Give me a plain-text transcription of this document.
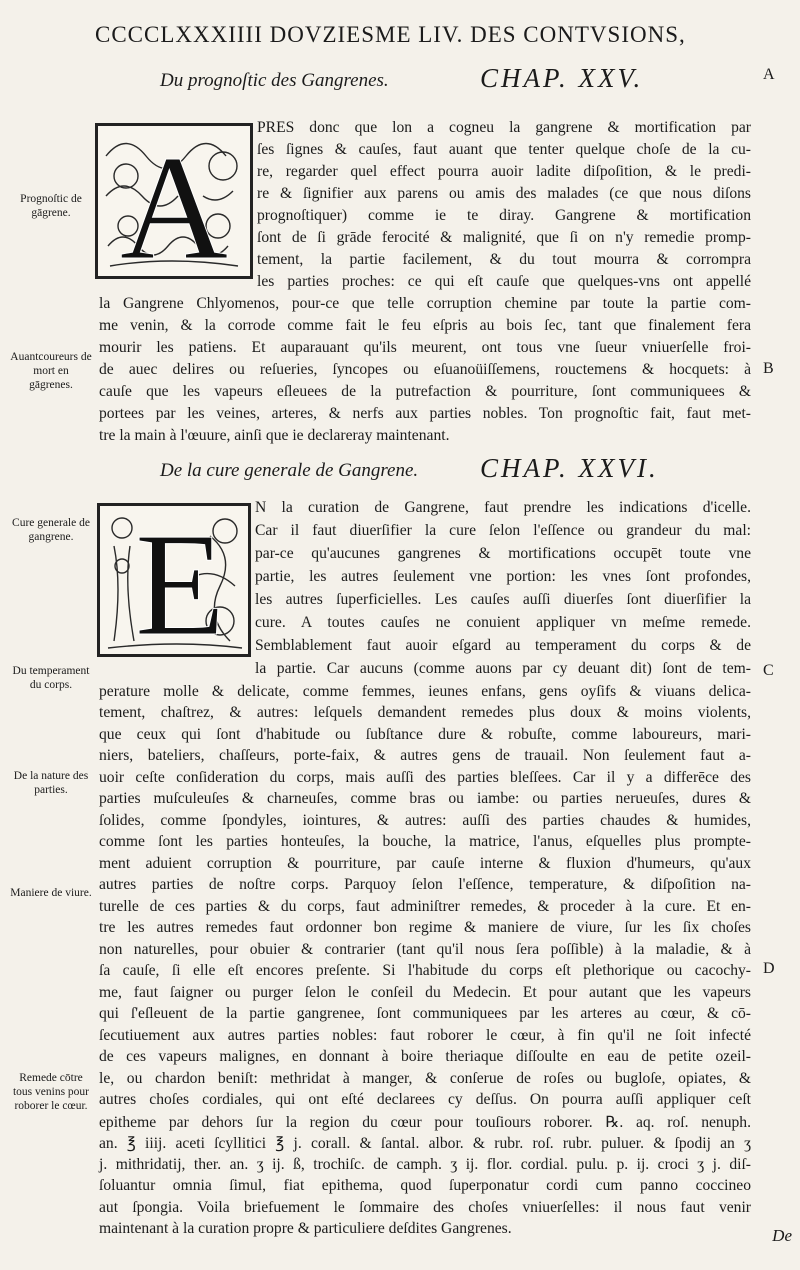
CCCCLXXXIIII DOVZIESME LIV. DES CONTVSIONS,
Du prognoſtic des Gangrenes.	CHAP. XXV.	A
B
C
D
Prognoſtic de gāgrene.
Auantcoureurs de mort en gāgrenes.
Cure generale de gangrene.
Du temperament du corps.
De la nature des parties.
Maniere de viure.
Remede cōtre tous venins pour roborer le cœur.
A PRES donc que lon a cogneu la gangrene & mortification par
ſes ſignes & cauſes, faut auant que tenter quelque choſe de la cu-
re, regarder quel effect pourra auoir ladite diſpoſition, & le predi-
re & ſignifier aux parens ou amis des malades (ce que nous diſons
prognoſtiquer) comme ie te diray. Gangrene & mortification
ſont de ſi grāde ferocité & malignité, que ſi on n'y remedie promp-
tement, la partie facilement, & du tout mourra & corrompra
les parties proches: ce qui eſt cauſe que quelques-vns ont appellé
la Gangrene Chlyomenos, pour-ce que telle corruption chemine par toute la partie com-
me venin, & la corrode comme fait le feu eſpris au bois ſec, tant que finalement fera
mourir les patiens. Et auparauant qu'ils meurent, ont tous vne ſueur vniuerſelle froi-
de auec delires ou reſueries, ſyncopes ou eſuanoüiſſemens, rouctemens & hocquets: à
cauſe que les vapeurs eſleuees de la putrefaction & pourriture, ſont communiquees &
portees par les veines, arteres, & nerfs aux parties nobles. Ton prognoſtic fait, faut met-
tre la main à l'œuure, ainſi que ie declareray maintenant.
De la cure generale de Gangrene. CHAP. XXVI.
E N la curation de Gangrene, faut prendre les indications d'icelle.
Car il faut diuerſifier la cure ſelon l'eſſence ou grandeur du mal:
par-ce qu'aucunes gangrenes & mortifications occupēt toute vne
partie, les autres ſeulement vne portion: les vnes ſont profondes,
les autres ſuperficielles. Les cauſes auſſi diuerſes ſont diuerſifier la
cure. A toutes cauſes ne conuient appliquer vn meſme remede.
Semblablement faut auoir eſgard au temperament du corps & de
la partie. Car aucuns (comme auons par cy deuant dit) ſont de tem-
perature molle & delicate, comme femmes, ieunes enfans, gens oyſifs & viuans delica-
tement, chaſtrez, & autres: leſquels demandent remedes plus doux & moins violents,
que ceux qui ſont d'habitude ou ſubſtance dure & robuſte, comme laboureurs, mari-
niers, bateliers, chaſſeurs, porte-faix, & autres gens de trauail. Non ſeulement faut a-
uoir ceſte conſideration du corps, mais auſſi des parties bleſſees. Car il y a differēce des
parties muſculeuſes & charneuſes, comme bras ou iambe: ou parties nerueuſes, dures &
ſolides, comme ſpondyles, iointures, & autres: auſſi des parties chaudes & humides,
comme ſont les parties honteuſes, la bouche, la matrice, l'anus, eſquelles plus prompte-
ment aduient corruption & pourriture, par cauſe interne & fluxion d'humeurs, qu'aux
autres parties de noſtre corps. Parquoy ſelon l'eſſence, temperature, & diſpoſition na-
turelle de ces parties & du corps, faut adminiſtrer remedes, & proceder à la cure. Et en-
tre les autres remedes faut ordonner bon regime & maniere de viure, ſur les ſix choſes
non naturelles, pour obuier & contrarier (tant qu'il nous ſera poſſible) à la maladie, & à
ſa cauſe, ſi elle eſt encores preſente. Si l'habitude du corps eſt plethorique ou cacochy-
me, faut ſaigner ou purger ſelon le conſeil du Medecin. Et pour autant que les vapeurs
qui ſ'eſleuent de la partie gangrenee, ſont communiquees par les arteres au cœur, & cō-
ſecutiuement aux autres parties nobles: faut roborer le cœur, à fin qu'il ne ſoit infecté
de ces vapeurs malignes, en donnant à boire theriaque diſſoulte en eau de petite ozeil-
le, ou chardon beniſt: methridat à manger, & conſerue de roſes ou bugloſe, opiates, &
autres choſes cordiales, qui ont eſté declarees cy deſſus. On pourra auſſi appliquer ceſt
epitheme par dehors ſur la region du cœur pour touſiours roborer. ℞. aq. roſ. nenuph.
an. ℥ iiij. aceti ſcyllitici ℥ j. corall. & ſantal. albor. & rubr. roſ. rubr. puluer. & ſpodij an ʒ
j. mithridatij, ther. an. ʒ ij. ß, trochiſc. de camph. ʒ ij. flor. cordial. pulu. p. ij. croci ʒ j. diſ-
ſoluantur omnia ſimul, fiat epithema, quod ſuperponatur cordi cum panno coccineo
aut ſpongia. Voila briefuement le ſommaire des choſes vniuerſelles: il nous faut venir
maintenant à la curation propre & particuliere deſdites Gangrenes.	De
